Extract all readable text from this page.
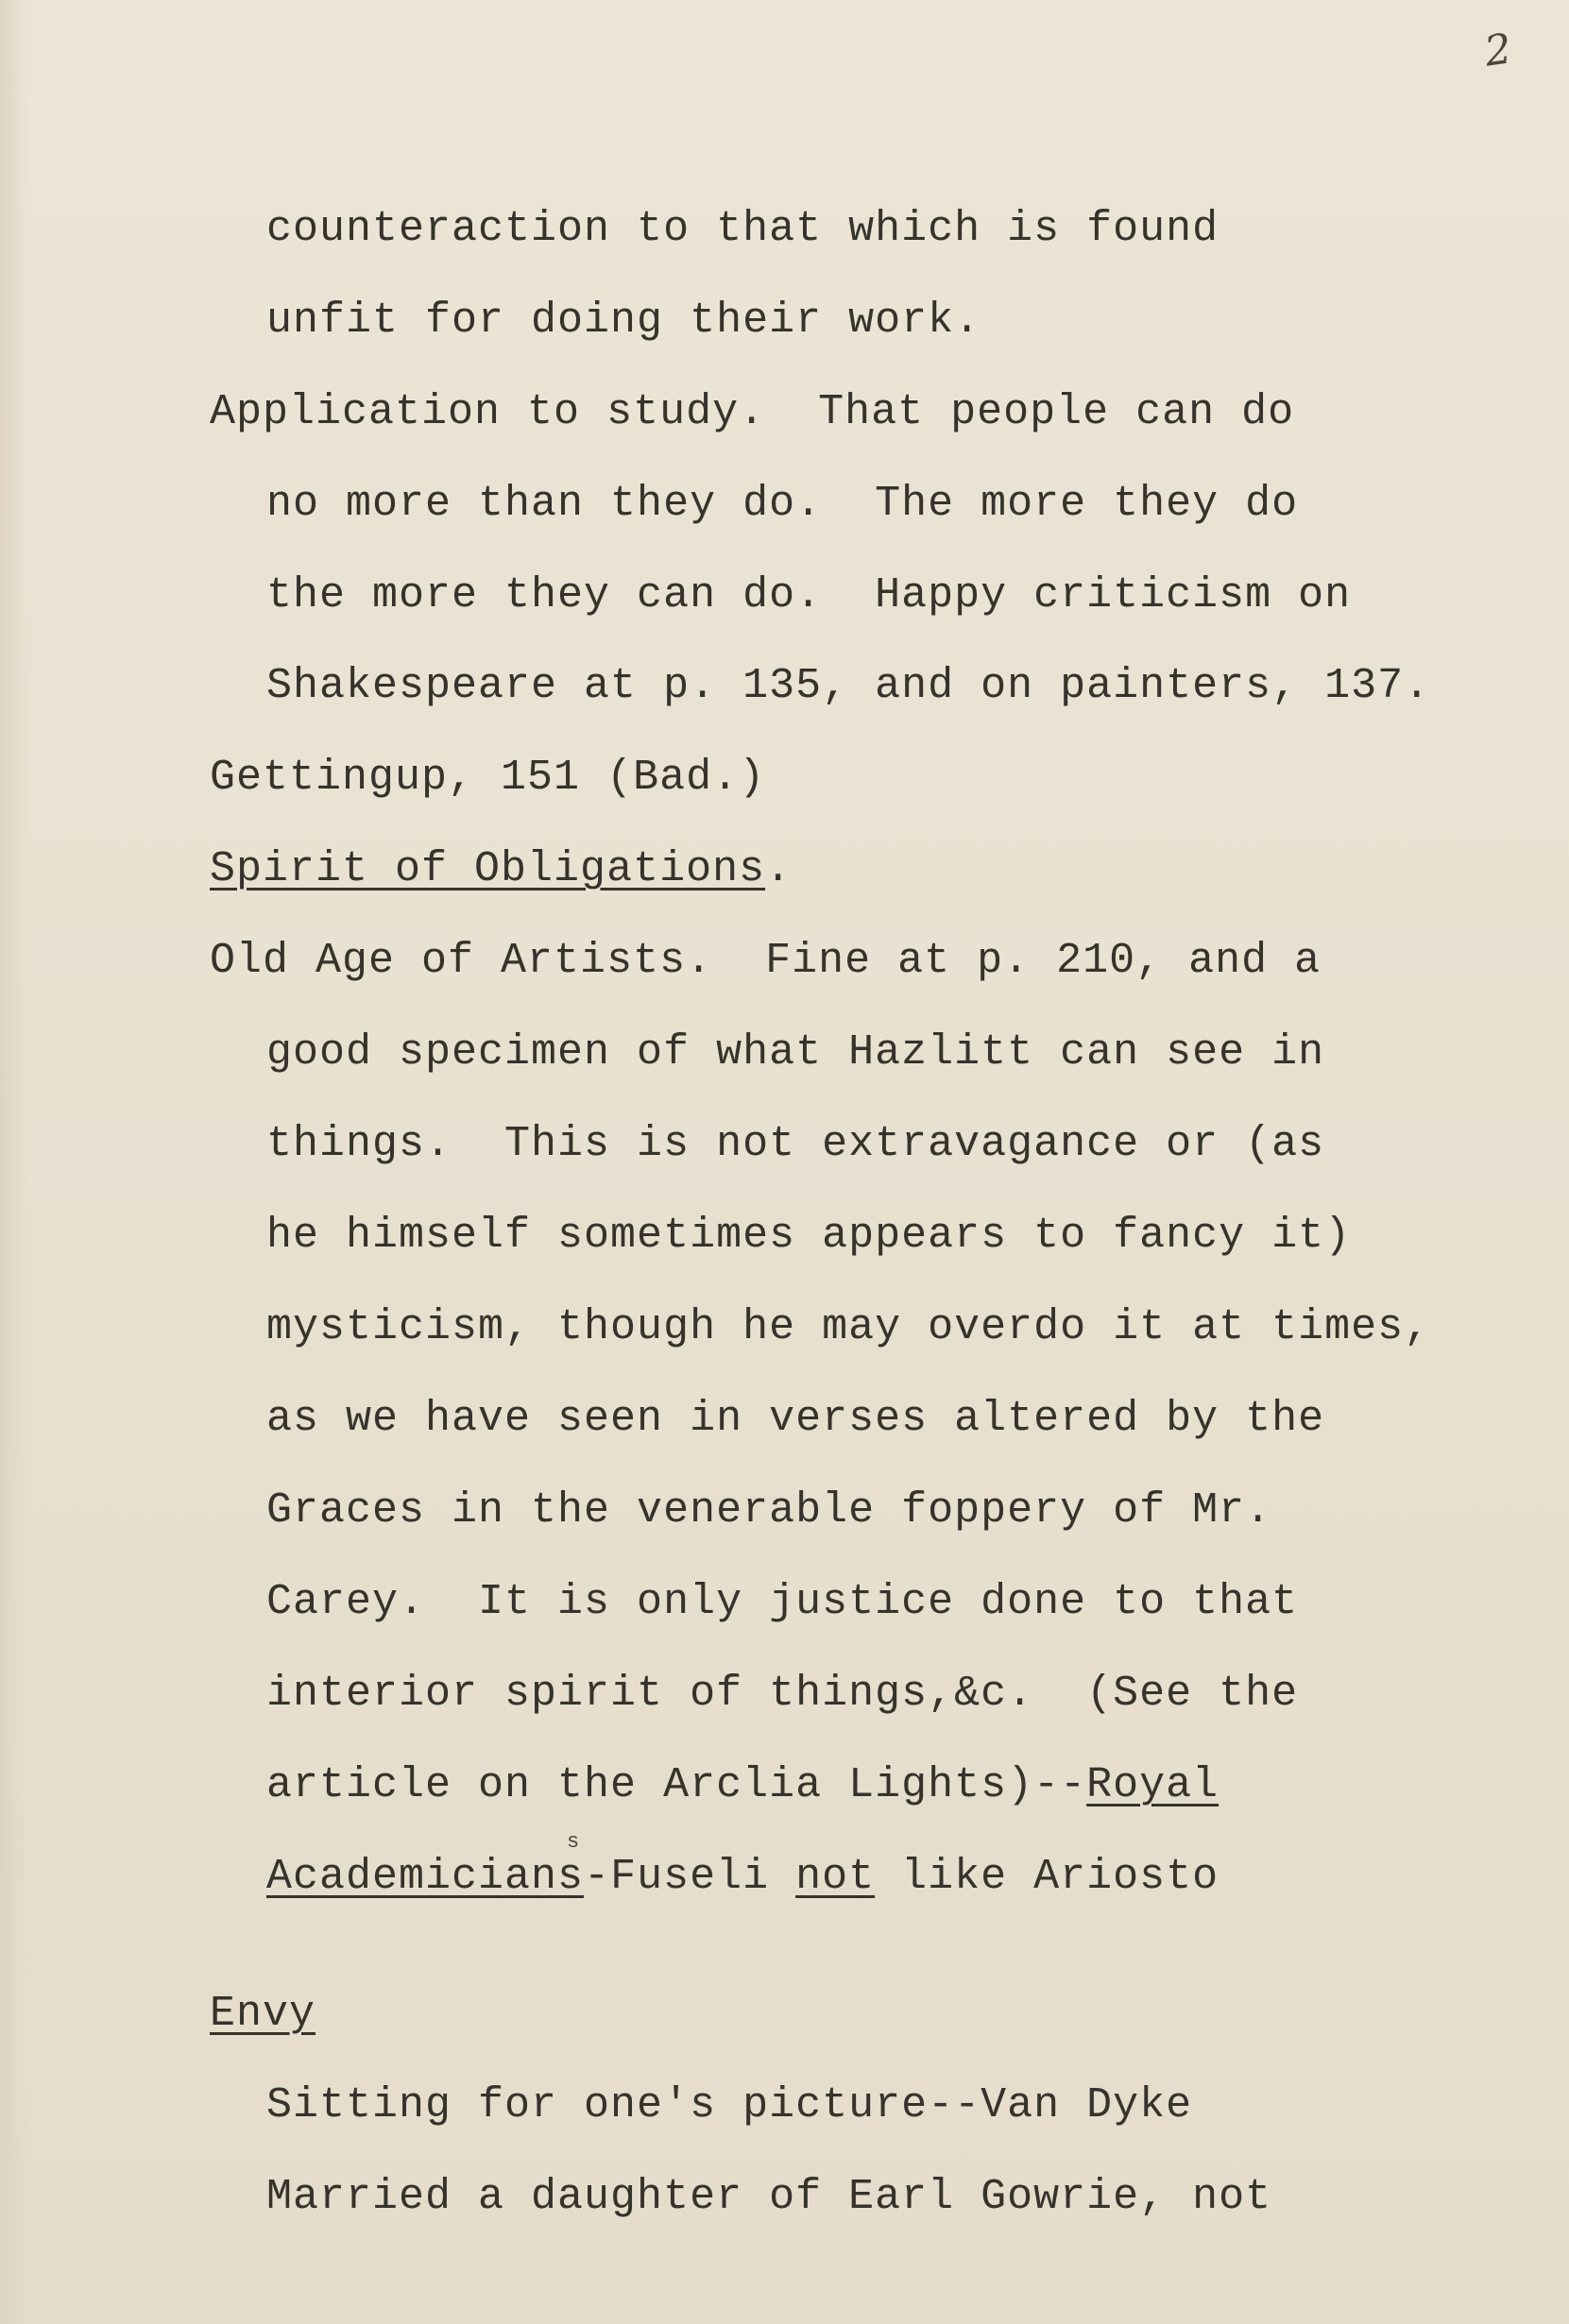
2

counteraction to that which is found

unfit for doing their work.

Application to study.  That people can do

no more than they do.  The more they do

the more they can do.  Happy criticism on

Shakespeare at p. 135, and on painters, 137.

Gettingup, 151 (Bad.)

Spirit of Obligations.

Old Age of Artists.  Fine at p. 210, and a

good specimen of what Hazlitt can see in

things.  This is not extravagance or (as

he himself sometimes appears to fancy it)

mysticism, though he may overdo it at times,

as we have seen in verses altered by the

Graces in the venerable foppery of Mr.

Carey.  It is only justice done to that

interior spirit of things,&c.  (See the

article on the Arclia Lights)--Royal

Academicians-Fuseli not like Ariosto

Envy

Sitting for one's picture--Van Dyke

Married a daughter of Earl Gowrie, not

s
